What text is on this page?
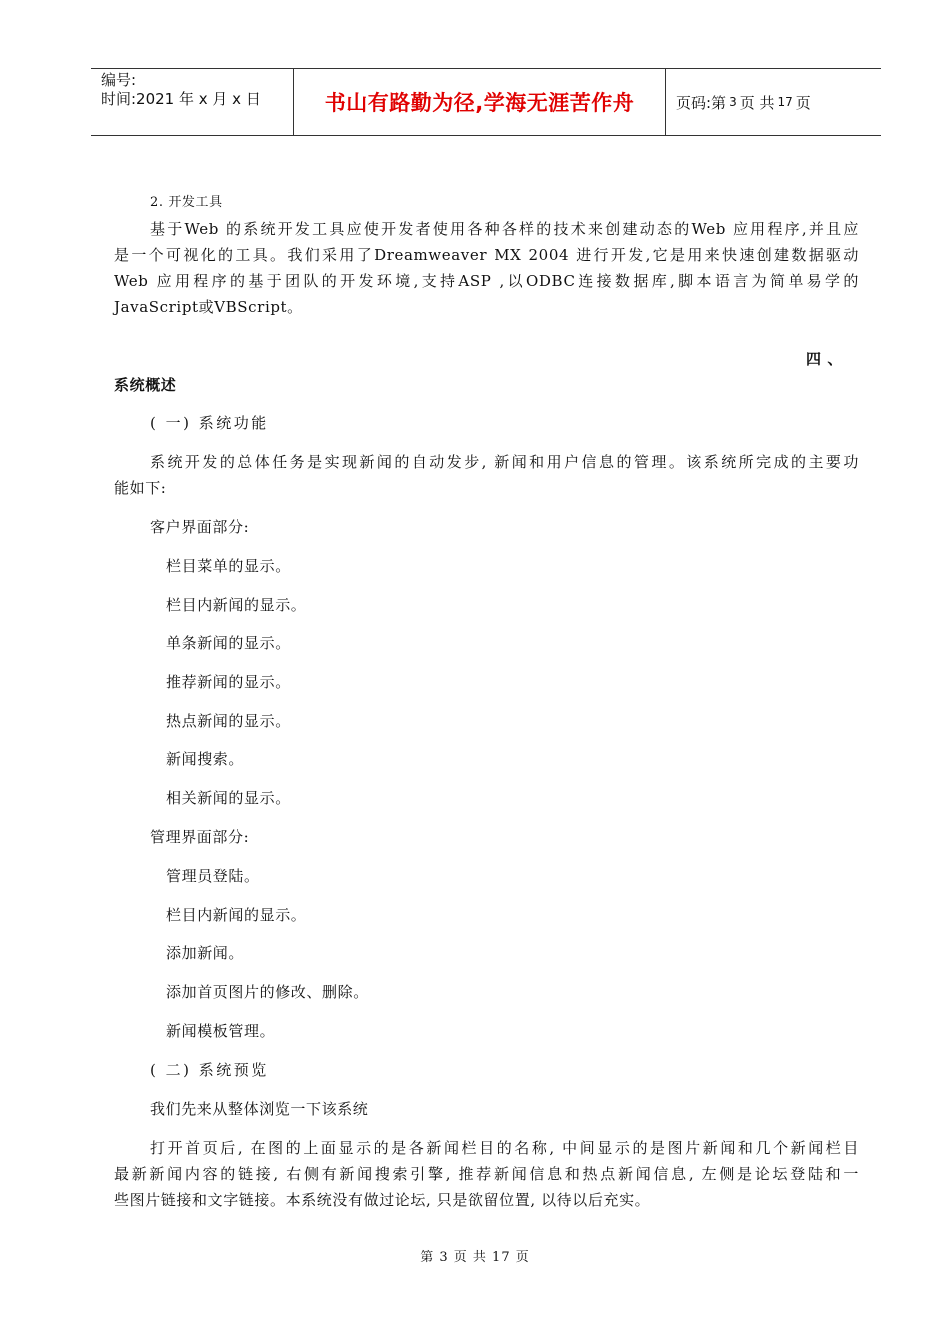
编号:
时间:2021 年 x 月 x 日	书山有路勤为径,学海无涯苦作舟	页码:第 3 页 共 17 页
2. 开发工具
基于Web 的系统开发工具应使开发者使用各种各样的技术来创建动态的Web 应用程序,并且应
是一个可视化的工具。我们采用了Dreamweaver MX 2004 进行开发,它是用来快速创建数据驱动
Web 应用程序的基于团队的开发环境,支持ASP ,以ODBC连接数据库,脚本语言为简单易学的
JavaScript或VBScript。
四 、
系统概述
( 一) 系统功能
系统开发的总体任务是实现新闻的自动发步, 新闻和用户信息的管理。该系统所完成的主要功
能如下:
客户界面部分:
栏目菜单的显示。
栏目内新闻的显示。
单条新闻的显示。
推荐新闻的显示。
热点新闻的显示。
新闻搜索。
相关新闻的显示。
管理界面部分:
管理员登陆。
栏目内新闻的显示。
添加新闻。
添加首页图片的修改、删除。
新闻模板管理。
( 二) 系统预览
我们先来从整体浏览一下该系统
打开首页后, 在图的上面显示的是各新闻栏目的名称, 中间显示的是图片新闻和几个新闻栏目
最新新闻内容的链接, 右侧有新闻搜索引擎, 推荐新闻信息和热点新闻信息, 左侧是论坛登陆和一
些图片链接和文字链接。本系统没有做过论坛, 只是欲留位置, 以待以后充实。
第 3 页 共 17 页
